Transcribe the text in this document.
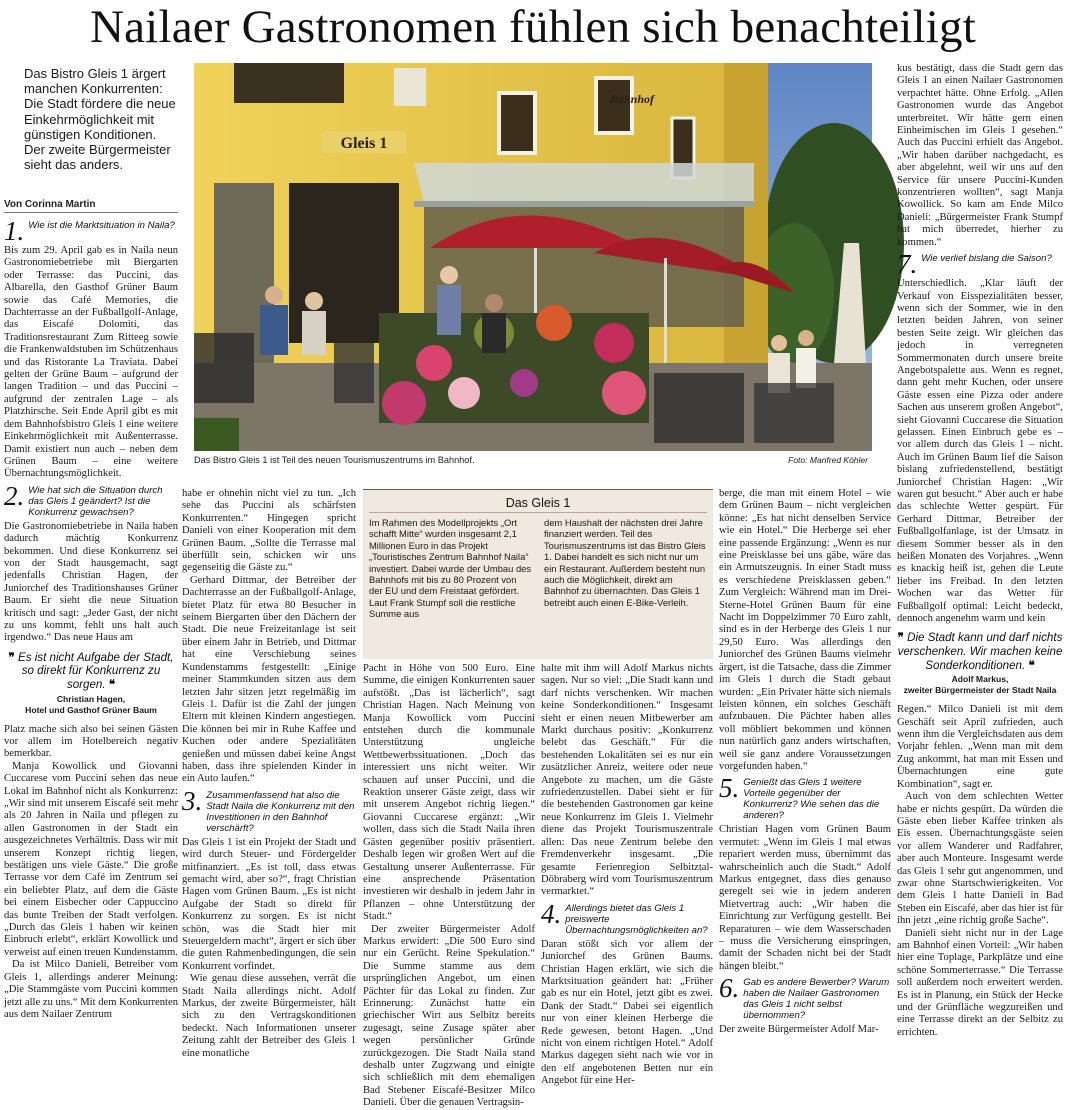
Nailaer Gastronomen fühlen sich benachteiligt
Das Bistro Gleis 1 ärgert manchen Konkurrenten: Die Stadt fördere die neue Einkehrmöglichkeit mit günstigen Konditionen. Der zweite Bürgermeister sieht das anders.
Von Corinna Martin
Gleis 1
Bahnhof
Das Bistro Gleis 1 ist Teil des neuen Tourismuszentrums im Bahnhof.	Foto: Manfred Köhler
1. Wie ist die Marktsituation in Naila?

Bis zum 29. April gab es in Naila neun Gastronomiebetriebe mit Biergarten oder Terrasse: das Puccini, das Albarella, den Gasthof Grüner Baum sowie das Café Memories, die Dachterrasse an der Fußballgolf-Anlage, das Eiscafé Dolomiti, das Traditionsrestaurant Zum Ritteeg sowie die Frankenwaldstuben im Schützenhaus und das Ristorante La Traviata. Dabei gelten der Grüne Baum – aufgrund der langen Tradition – und das Puccini – aufgrund der zentralen Lage – als Platzhirsche. Seit Ende April gibt es mit dem Bahnhofsbistro Gleis 1 eine weitere Einkehrmöglichkeit mit Außenterrasse. Damit existiert nun auch – neben dem Grünen Baum – eine weitere Übernachtungsmöglichkeit.

2. Wie hat sich die Situation durch das Gleis 1 geändert? Ist die Konkurrenz gewachsen?

Die Gastronomiebetriebe in Naila haben dadurch mächtig Konkurrenz bekommen. Und diese Konkurrenz sei von der Stadt hausgemacht, sagt jedenfalls Christian Hagen, der Juniorchef des Traditionshauses Grüner Baum. Er sieht die neue Situation kritisch und sagt: „Jeder Gast, der nicht zu uns kommt, fehlt uns halt auch irgendwo.“ Das neue Haus am

❞ Es ist nicht Aufgabe der Stadt, so direkt für Konkurrenz zu sorgen. ❝
Christian Hagen,
Hotel und Gasthof Grüner Baum

Platz mache sich also bei seinen Gästen vor allem im Hotelbereich negativ bemerkbar.

Manja Kowollick und Giovanni Cuccarese vom Puccini sehen das neue Lokal im Bahnhof nicht als Konkurrenz: „Wir sind mit unserem Eiscafé seit mehr als 20 Jahren in Naila und pflegen zu allen Gastronomen in der Stadt ein ausgezeichnetes Verhältnis. Dass wir mit unserem Konzept richtig liegen, bestätigen uns viele Gäste.“ Die große Terrasse vor dem Café im Zentrum sei ein beliebter Platz, auf dem die Gäste bei einem Eisbecher oder Cappuccino das bunte Treiben der Stadt verfolgen. „Durch das Gleis 1 haben wir keinen Einbruch erlebt“, erklärt Kowollick und verweist auf einen treuen Kundenstamm.

Da ist Milco Danieli, Betreiber vom Gleis 1, allerdings anderer Meinung: „Die Stammgäste vom Puccini kommen jetzt alle zu uns.“ Mit dem Konkurrenten aus dem Nailaer Zentrum

habe er ohnehin nicht viel zu tun. „Ich sehe das Puccini als schärfsten Konkurrenten.“ Hingegen spricht Danieli von einer Kooperation mit dem Grünen Baum. „Sollte die Terrasse mal überfüllt sein, schicken wir uns gegenseitig die Gäste zu.“

Gerhard Dittmar, der Betreiber der Dachterrasse an der Fußballgolf-Anlage, bietet Platz für etwa 80 Besucher in seinem Biergarten über den Dächern der Stadt. Die neue Freizeitanlage ist seit über einem Jahr in Betrieb, und Dittmar hat eine Verschiebung seines Kundenstamms festgestellt: „Einige meiner Stammkunden sitzen aus dem letzten Jahr sitzen jetzt regelmäßig im Gleis 1. Dafür ist die Zahl der jungen Eltern mit kleinen Kindern angestiegen. Die können bei mir in Ruhe Kaffee und Kuchen oder andere Spezialitäten genießen und müssen dabei keine Angst haben, dass ihre spielenden Kinder in ein Auto laufen.“

3. Zusammenfassend hat also die Stadt Naila die Konkurrenz mit den Investitionen in den Bahnhof verschärft?

Das Gleis 1 ist ein Projekt der Stadt und wird durch Steuer- und Fördergelder mitfinanziert. „Es ist toll, dass etwas gemacht wird, aber so?“, fragt Christian Hagen vom Grünen Baum. „Es ist nicht Aufgabe der Stadt so direkt für Konkurrenz zu sorgen. Es ist nicht schön, was die Stadt hier mit Steuergeldern macht“, ärgert er sich über die guten Rahmenbedingungen, die sein Konkurrent vorfindet.

Wie genau diese aussehen, verrät die Stadt Naila allerdings nicht. Adolf Markus, der zweite Bürgermeister, hält sich zu den Vertragskonditionen bedeckt. Nach Informationen unserer Zeitung zahlt der Betreiber des Gleis 1 eine monatliche

Das Gleis 1
Im Rahmen des Modellprojekts „Ort schafft Mitte“ wurden insgesamt 2,1 Millionen Euro in das Projekt „Touristisches Zentrum Bahnhof Naila“ investiert. Dabei wurde der Umbau des Bahnhofs mit bis zu 80 Prozent von der EU und dem Freistaat gefördert. Laut Frank Stumpf soll die restliche Summe aus
dem Haushalt der nächsten drei Jahre finanziert werden. Teil des Tourismuszentrums ist das Bistro Gleis 1. Dabei handelt es sich nicht nur um ein Restaurant. Außerdem besteht nun auch die Möglichkeit, direkt am Bahnhof zu übernachten. Das Gleis 1 betreibt auch einen E-Bike-Verleih.

Pacht in Höhe von 500 Euro. Eine Summe, die einigen Konkurrenten sauer aufstößt. „Das ist lächerlich“, sagt Christian Hagen. Nach Meinung von Manja Kowollick vom Puccini entstehen durch die kommunale Unterstützung ungleiche Wettbewerbssituationen. „Doch das interessiert uns nicht weiter. Wir schauen auf unser Puccini, und die Reaktion unserer Gäste zeigt, dass wir mit unserem Angebot richtig liegen.“ Giovanni Cuccarese ergänzt: „Wir wollen, dass sich die Stadt Naila ihren Gästen gegenüber positiv präsentiert. Deshalb legen wir großen Wert auf die Gestaltung unserer Außenterrasse. Für eine ansprechende Präsentation investieren wir deshalb in jedem Jahr in Pflanzen – ohne Unterstützung der Stadt.“

Der zweiter Bürgermeister Adolf Markus erwidert: „Die 500 Euro sind nur ein Gerücht. Reine Spekulation.“ Die Summe stamme aus dem ursprünglichen Angebot, um einen Pächter für das Lokal zu finden. Zur Erinnerung: Zunächst hatte ein griechischer Wirt aus Selbitz bereits zugesagt, seine Zusage später aber wegen persönlicher Gründe zurückgezogen. Die Stadt Naila stand deshalb unter Zugzwang und einigte sich schließlich mit dem ehemaligen Bad Stebener Eiscafé-Besitzer Milco Danieli. Über die genauen Vertragsin-

halte mit ihm will Adolf Markus nichts sagen. Nur so viel: „Die Stadt kann und darf nichts verschenken. Wir machen keine Sonderkonditionen.“ Insgesamt sieht er einen neuen Mitbewerber am Markt durchaus positiv: „Konkurrenz belebt das Geschäft.“ Für die bestehenden Lokalitäten sei es nur ein zusätzlicher Anreiz, weitere oder neue Angebote zu machen, um die Gäste zufriedenzustellen. Dabei sieht er für die bestehenden Gastronomen gar keine neue Konkurrenz im Gleis 1. Vielmehr diene das Projekt Tourismuszentrale allen: Das neue Zentrum belebe den Fremdenverkehr insgesamt. „Die gesamte Ferienregion Selbitztal-Döbraberg wird vom Tourismuszentrum vermarktet.“

4. Allerdings bietet das Gleis 1 preiswerte Übernachtungsmöglichkeiten an?

Daran stößt sich vor allem der Juniorchef des Grünen Baums. Christian Hagen erklärt, wie sich die Marktsituation geändert hat: „Früher gab es nur ein Hotel, jetzt gibt es zwei. Dank der Stadt.“ Dabei sei eigentlich nur von einer kleinen Herberge die Rede gewesen, betont Hagen. „Und nicht von einem richtigen Hotel.“ Adolf Markus dagegen sieht nach wie vor in den elf angebotenen Betten nur ein Angebot für eine Her-

berge, die man mit einem Hotel – wie dem Grünen Baum – nicht vergleichen könne: „Es hat nicht denselben Service wie ein Hotel.“ Die Herberge sei eher eine passende Ergänzung: „Wenn es nur eine Preisklasse bei uns gäbe, wäre das ein Armutszeugnis. In einer Stadt muss es verschiedene Preisklassen geben.“ Zum Vergleich: Während man im Drei-Sterne-Hotel Grünen Baum für eine Nacht im Doppelzimmer 70 Euro zahlt, sind es in der Herberge des Gleis 1 nur 29,50 Euro. Was allerdings den Juniorchef des Grünen Baums vielmehr ärgert, ist die Tatsache, dass die Zimmer im Gleis 1 durch die Stadt gebaut wurden: „Ein Privater hätte sich niemals leisten können, ein solches Geschäft aufzubauen. Die Pächter haben alles voll möbliert bekommen und können nun natürlich ganz anders wirtschaften, weil sie ganz andere Voraussetzungen vorgefunden haben.“

5. Genießt das Gleis 1 weitere Vorteile gegenüber der Konkurrenz? Wie sehen das die anderen?

Christian Hagen vom Grünen Baum vermutet: „Wenn im Gleis 1 mal etwas repariert werden muss, übernimmt das wahrscheinlich auch die Stadt.“ Adolf Markus entgegnet, dass dies genauso geregelt sei wie in jedem anderen Mietvertrag auch: „Wir haben die Einrichtung zur Verfügung gestellt. Bei Reparaturen – wie dem Wasserschaden – muss die Versicherung einspringen, damit der Schaden nicht bei der Stadt hängen bleibt.“

6. Gab es andere Bewerber? Warum haben die Nailaer Gastronomen das Gleis 1 nicht selbst übernommen?

Der zweite Bürgermeister Adolf Mar-

kus bestätigt, dass die Stadt gern das Gleis 1 an einen Nailaer Gastronomen verpachtet hätte. Ohne Erfolg. „Allen Gastronomen wurde das Angebot unterbreitet. Wir hätte gern einen Einheimischen im Gleis 1 gesehen.“ Auch das Puccini erhielt das Angebot. „Wir haben darüber nachgedacht, es aber abgelehnt, weil wir uns auf den Service für unsere Puccini-Kunden konzentrieren wollten“, sagt Manja Kowollick. So kam am Ende Milco Danieli: „Bürgermeister Frank Stumpf hat mich überredet, hierher zu kommen.“

7. Wie verlief bislang die Saison?

Unterschiedlich. „Klar läuft der Verkauf von Eisspezialitäten besser, wenn sich der Sommer, wie in den letzten beiden Jahren, von seiner besten Seite zeigt. Wir gleichen das jedoch in verregneten Sommermonaten durch unsere breite Angebotspalette aus. Wenn es regnet, dann geht mehr Kuchen, oder unsere Gäste essen eine Pizza oder andere Sachen aus unserem großen Angebot“, sieht Giovanni Cuccarese die Situation gelassen. Einen Einbruch gebe es – vor allem durch das Gleis 1 – nicht. Auch im Grünen Baum lief die Saison bislang zufriedenstellend, bestätigt Juniorchef Christian Hagen: „Wir waren gut besucht.“ Aber auch er habe das schlechte Wetter gespürt. Für Gerhard Dittmar, Betreiber der Fußballgolfanlage, ist der Umsatz in diesem Sommer besser als in den heißen Monaten des Vorjahres. „Wenn es knackig heiß ist, gehen die Leute lieber ins Freibad. In den letzten Wochen war das Wetter für Fußballgolf optimal: Leicht bedeckt, dennoch angenehm warm und kein

❞ Die Stadt kann und darf nichts verschenken. Wir machen keine Sonderkonditionen. ❝
Adolf Markus,
zweiter Bürgermeister der Stadt Naila

Regen.“ Milco Danieli ist mit dem Geschäft seit April zufrieden, auch wenn ihm die Vergleichsdaten aus dem Vorjahr fehlen. „Wenn man mit dem Zug ankommt, hat man mit Essen und Übernachtungen eine gute Kombination“, sagt er.

Auch von dem schlechten Wetter habe er nichts gespürt. Da würden die Gäste eben lieber Kaffee trinken als Eis essen. Übernachtungsgäste seien vor allem Wanderer und Radfahrer, aber auch Monteure. Insgesamt werde das Gleis 1 sehr gut angenommen, und zwar ohne Startschwierigkeiten. Vor dem Gleis 1 hatte Danieli in Bad Steben ein Eiscafé, aber das hier ist für ihn jetzt „eine richtig große Sache“.

Danieli sieht nicht nur in der Lage am Bahnhof einen Vorteil: „Wir haben hier eine Toplage, Parkplätze und eine schöne Sommerterrasse.“ Die Terrasse soll außerdem noch erweitert werden. Es ist in Planung, ein Stück der Hecke und der Grünfläche wegzureißen und eine Terrasse direkt an der Selbitz zu errichten.
